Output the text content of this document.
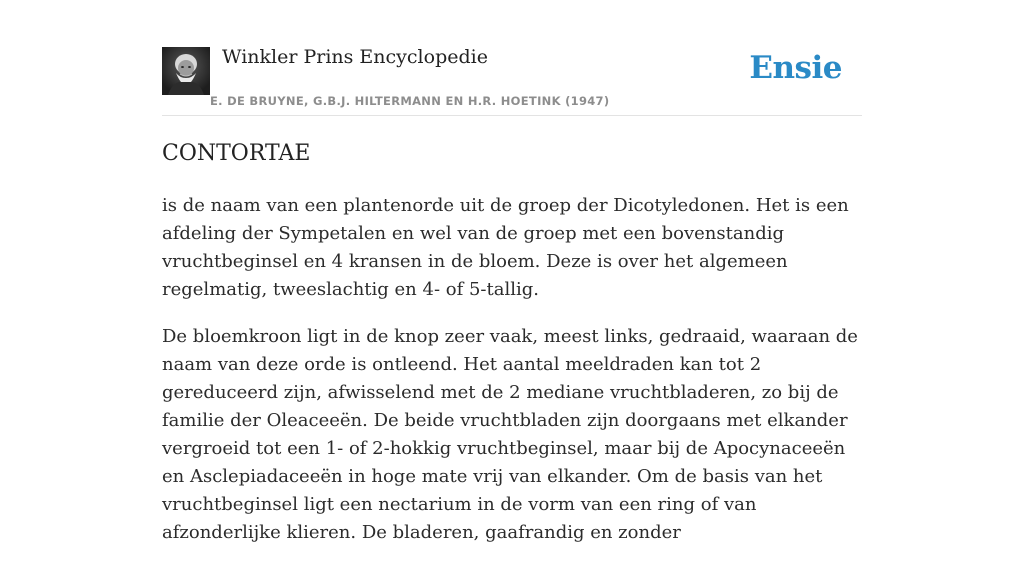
Winkler Prins Encyclopedie
E. DE BRUYNE, G.B.J. HILTERMANN EN H.R. HOETINK (1947)
Ensie
CONTORTAE

is de naam van een plantenorde uit de groep der Dicotyledonen. Het is een afdeling der Sympetalen en wel van de groep met een bovenstandig vruchtbeginsel en 4 kransen in de bloem. Deze is over het algemeen regelmatig, tweeslachtig en 4- of 5-tallig.

De bloemkroon ligt in de knop zeer vaak, meest links, gedraaid, waaraan de naam van deze orde is ontleend. Het aantal meeldraden kan tot 2 gereduceerd zijn, afwisselend met de 2 mediane vruchtbladeren, zo bij de familie der Oleaceeën. De beide vruchtbladen zijn doorgaans met elkander vergroeid tot een 1- of 2-hokkig vruchtbeginsel, maar bij de Apocynaceeën en Asclepiadaceeën in hoge mate vrij van elkander. Om de basis van het vruchtbeginsel ligt een nectarium in de vorm van een ring of van afzonderlijke klieren. De bladeren, gaafrandig en zonder
